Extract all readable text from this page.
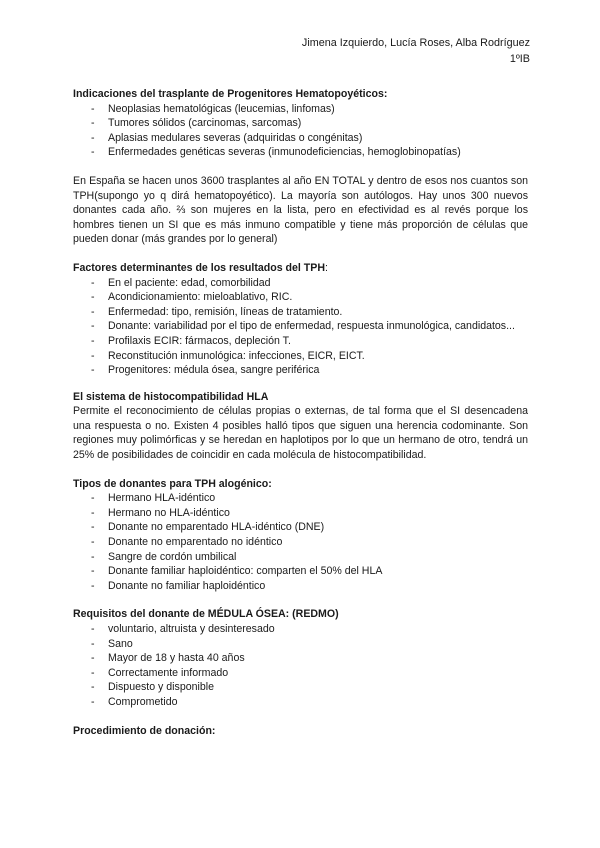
Jimena Izquierdo, Lucía Roses, Alba Rodríguez
1ºIB
Indicaciones del trasplante de Progenitores Hematopoyéticos:
- Neoplasias hematológicas (leucemias, linfomas)
- Tumores sólidos (carcinomas, sarcomas)
- Aplasias medulares severas (adquiridas o congénitas)
- Enfermedades genéticas severas (inmunodeficiencias, hemoglobinopatías)

En España se hacen unos 3600 trasplantes al año EN TOTAL y dentro de esos nos cuantos son TPH(supongo yo q dirá hematopoyético). La mayoría son autólogos. Hay unos 300 nuevos donantes cada año. ⅔ son mujeres en la lista, pero en efectividad es al revés porque los hombres tienen un SI que es más inmuno compatible y tiene más proporción de células que pueden donar (más grandes por lo general)

Factores determinantes de los resultados del TPH:
- En el paciente: edad, comorbilidad
- Acondicionamiento: mieloablativo, RIC.
- Enfermedad: tipo, remisión, líneas de tratamiento.
- Donante: variabilidad por el tipo de enfermedad, respuesta inmunológica, candidatos...
- Profilaxis ECIR: fármacos, depleción T.
- Reconstitución inmunológica: infecciones, EICR, EICT.
- Progenitores: médula ósea, sangre periférica
El sistema de histocompatibilidad HLA

Permite el reconocimiento de células propias o externas, de tal forma que el SI desencadena una respuesta o no. Existen 4 posibles halló tipos que siguen una herencia codominante. Son regiones muy polimórficas y se heredan en haplotipos por lo que un hermano de otro, tendrá un 25% de posibilidades de coincidir en cada molécula de histocompatibilidad.

Tipos de donantes para TPH alogénico:
- Hermano HLA-idéntico
- Hermano no HLA-idéntico
- Donante no emparentado HLA-idéntico (DNE)
- Donante no emparentado no idéntico
- Sangre de cordón umbilical
- Donante familiar haploidéntico: comparten el 50% del HLA
- Donante no familiar haploidéntico
Requisitos del donante de MÉDULA ÓSEA: (REDMO)
- voluntario, altruista y desinteresado
- Sano
- Mayor de 18 y hasta 40 años
- Correctamente informado
- Dispuesto y disponible
- Comprometido
Procedimiento de donación:
